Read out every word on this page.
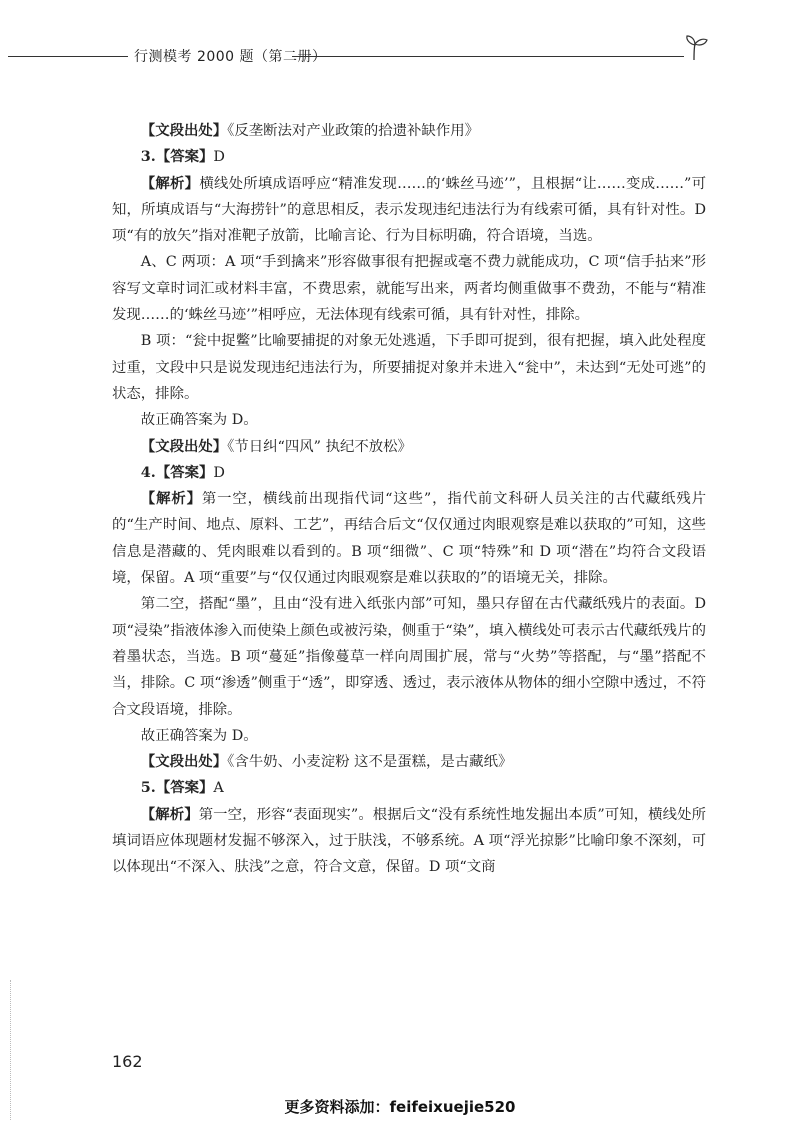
行测模考 2000 题（第二册）

【文段出处】《反垄断法对产业政策的拾遗补缺作用》

3.【答案】D

【解析】横线处所填成语呼应“精准发现……的‘蛛丝马迹’”，且根据“让……变成……”可知，所填成语与“大海捞针”的意思相反，表示发现违纪违法行为有线索可循，具有针对性。D 项“有的放矢”指对准靶子放箭，比喻言论、行为目标明确，符合语境，当选。

A、C 两项：A 项“手到擒来”形容做事很有把握或毫不费力就能成功，C 项“信手拈来”形容写文章时词汇或材料丰富，不费思索，就能写出来，两者均侧重做事不费劲，不能与“精准发现……的‘蛛丝马迹’”相呼应，无法体现有线索可循，具有针对性，排除。

B 项：“瓮中捉鳖”比喻要捕捉的对象无处逃遁，下手即可捉到，很有把握，填入此处程度过重，文段中只是说发现违纪违法行为，所要捕捉对象并未进入“瓮中”，未达到“无处可逃”的状态，排除。

故正确答案为 D。

【文段出处】《节日纠“四风” 执纪不放松》

4.【答案】D

【解析】第一空，横线前出现指代词“这些”，指代前文科研人员关注的古代藏纸残片的“生产时间、地点、原料、工艺”，再结合后文“仅仅通过肉眼观察是难以获取的”可知，这些信息是潜藏的、凭肉眼难以看到的。B 项“细微”、C 项“特殊”和 D 项“潜在”均符合文段语境，保留。A 项“重要”与“仅仅通过肉眼观察是难以获取的”的语境无关，排除。

第二空，搭配“墨”，且由“没有进入纸张内部”可知，墨只存留在古代藏纸残片的表面。D 项“浸染”指液体渗入而使染上颜色或被污染，侧重于“染”，填入横线处可表示古代藏纸残片的着墨状态，当选。B 项“蔓延”指像蔓草一样向周围扩展，常与“火势”等搭配，与“墨”搭配不当，排除。C 项“渗透”侧重于“透”，即穿透、透过，表示液体从物体的细小空隙中透过，不符合文段语境，排除。

故正确答案为 D。

【文段出处】《含牛奶、小麦淀粉 这不是蛋糕，是古藏纸》

5.【答案】A

【解析】第一空，形容“表面现实”。根据后文“没有系统性地发掘出本质”可知，横线处所填词语应体现题材发掘不够深入，过于肤浅，不够系统。A 项“浮光掠影”比喻印象不深刻，可以体现出“不深入、肤浅”之意，符合文意，保留。D 项“文商

162
更多资料添加：feifeixuejie520
